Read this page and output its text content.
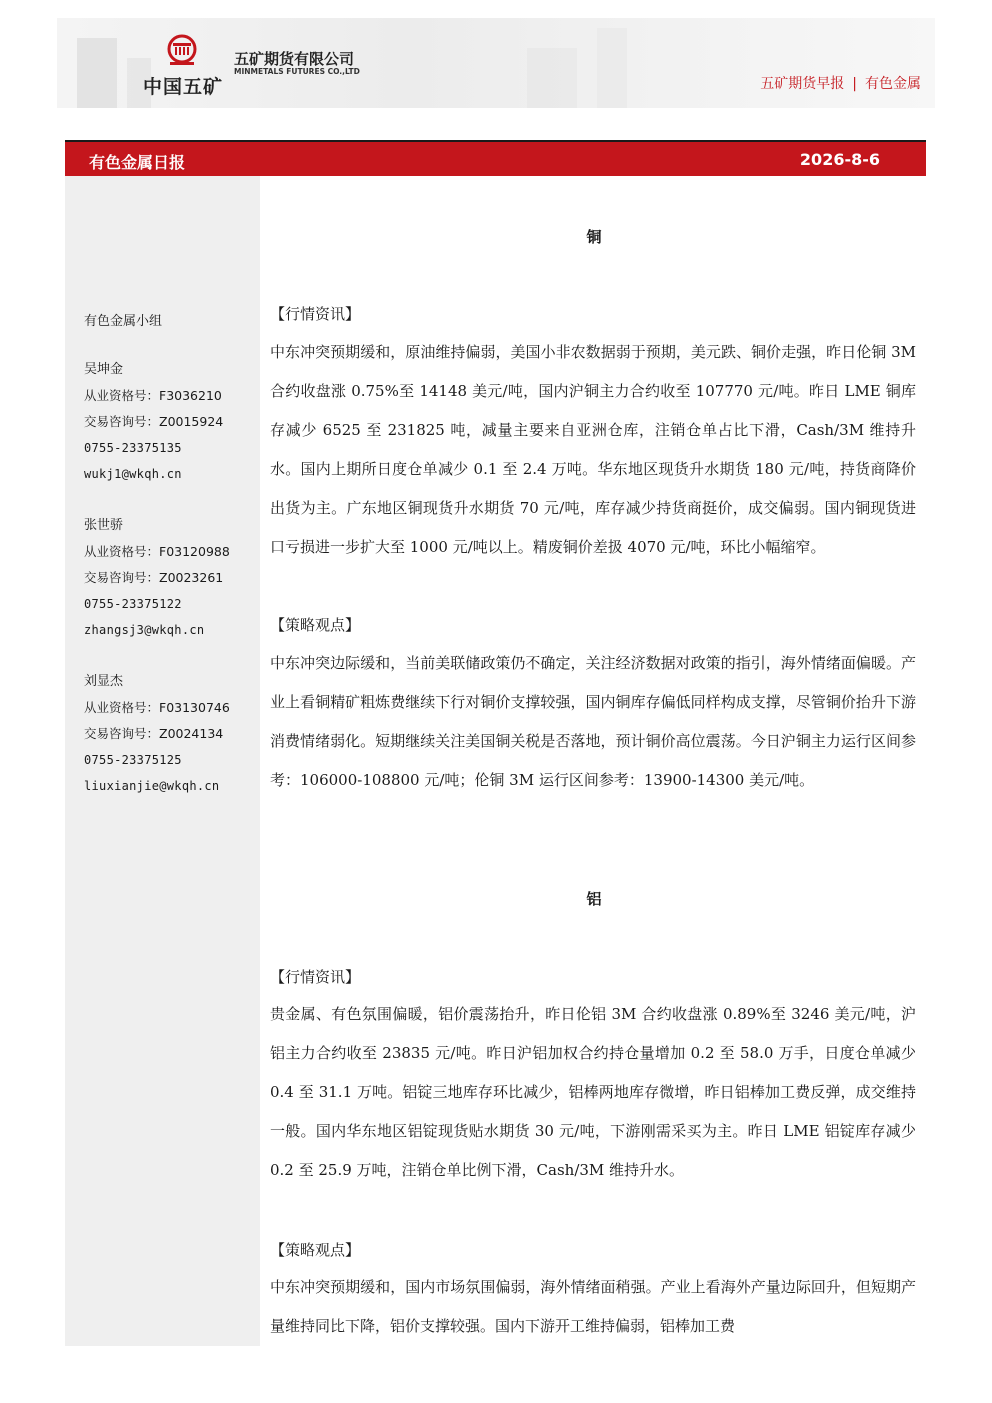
中国五矿
五矿期货有限公司
MINMETALS FUTURES CO.,LTD
五矿期货早报 | 有色金属
有色金属日报	2026-8-6
有色金属小组
吴坤金
从业资格号：F3036210
交易咨询号：Z0015924
0755-23375135
wukj1@wkqh.cn
张世骄
从业资格号：F03120988
交易咨询号：Z0023261
0755-23375122
zhangsj3@wkqh.cn
刘显杰
从业资格号：F03130746
交易咨询号：Z0024134
0755-23375125
liuxianjie@wkqh.cn
铜
【行情资讯】

中东冲突预期缓和，原油维持偏弱，美国小非农数据弱于预期，美元跌、铜价走强，昨日伦铜 3M 合约收盘涨 0.75%至 14148 美元/吨，国内沪铜主力合约收至 107770 元/吨。昨日 LME 铜库存减少 6525 至 231825 吨，减量主要来自亚洲仓库，注销仓单占比下滑，Cash/3M 维持升水。国内上期所日度仓单减少 0.1 至 2.4 万吨。华东地区现货升水期货 180 元/吨，持货商降价出货为主。广东地区铜现货升水期货 70 元/吨，库存减少持货商挺价，成交偏弱。国内铜现货进口亏损进一步扩大至 1000 元/吨以上。精废铜价差扱 4070 元/吨，环比小幅缩窄。

【策略观点】

中东冲突边际缓和，当前美联储政策仍不确定，关注经济数据对政策的指引，海外情绪面偏暖。产业上看铜精矿粗炼费继续下行对铜价支撑较强，国内铜库存偏低同样构成支撑，尽管铜价抬升下游消费情绪弱化。短期继续关注美国铜关税是否落地，预计铜价高位震荡。今日沪铜主力运行区间参考：106000-108800 元/吨；伦铜 3M 运行区间参考：13900-14300 美元/吨。

铝
【行情资讯】

贵金属、有色氛围偏暖，铝价震荡抬升，昨日伦铝 3M 合约收盘涨 0.89%至 3246 美元/吨，沪铝主力合约收至 23835 元/吨。昨日沪铝加权合约持仓量增加 0.2 至 58.0 万手，日度仓单减少 0.4 至 31.1 万吨。铝锭三地库存环比减少，铝棒两地库存微增，昨日铝棒加工费反弹，成交维持一般。国内华东地区铝锭现货贴水期货 30 元/吨，下游刚需采买为主。昨日 LME 铝锭库存减少 0.2 至 25.9 万吨，注销仓单比例下滑，Cash/3M 维持升水。

【策略观点】

中东冲突预期缓和，国内市场氛围偏弱，海外情绪面稍强。产业上看海外产量边际回升，但短期产量维持同比下降，铝价支撑较强。国内下游开工维持偏弱，铝棒加工费
